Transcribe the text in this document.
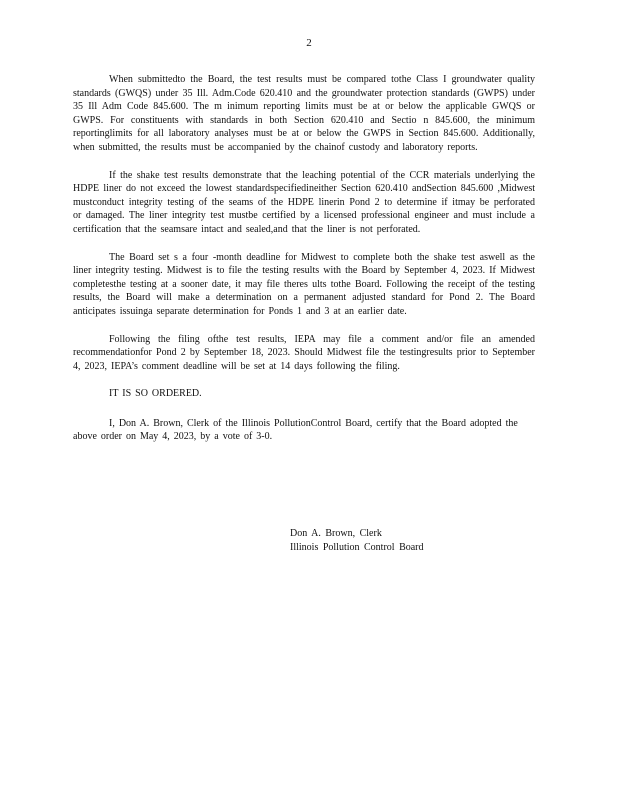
2

When submittedto the Board, the test results must be compared tothe Class I groundwater quality standards (GWQS) under 35 Ill. Adm.Code 620.410 and the groundwater protection standards (GWPS) under 35 Ill Adm Code 845.600. The m inimum reporting limits must be at or below the applicable GWQS or GWPS. For constituents with standards in both Section 620.410 and Sectio n 845.600, the minimum reportinglimits for all laboratory analyses must be at or below the GWPS in Section 845.600. Additionally, when submitted, the results must be accompanied by the chainof custody and laboratory reports.

If the shake test results demonstrate that the leaching potential of the CCR materials underlying the HDPE liner do not exceed the lowest standardspecifiedineither Section 620.410 andSection 845.600 ,Midwest mustconduct integrity testing of the seams of the HDPE linerin Pond 2 to determine if itmay be perforated or damaged. The liner integrity test mustbe certified by a licensed professional engineer and must include a certification that the seamsare intact and sealed,and that the liner is not perforated.

The Board set s a four -month deadline for Midwest to complete both the shake test aswell as the liner integrity testing. Midwest is to file the testing results with the Board by September 4, 2023. If Midwest completesthe testing at a sooner date, it may file theres ults tothe Board. Following the receipt of the testing results, the Board will make a determination on a permanent adjusted standard for Pond 2. The Board anticipates issuinga separate determination for Ponds 1 and 3 at an earlier date.

Following the filing ofthe test results, IEPA may file a comment and/or file an amended recommendationfor Pond 2 by September 18, 2023. Should Midwest file the testingresults prior to September 4, 2023, IEPA’s comment deadline will be set at 14 days following the filing.

IT IS SO ORDERED.

I, Don A. Brown, Clerk of the Illinois PollutionControl Board, certify that the Board adopted the above order on May 4, 2023, by a vote of 3-0.

Don A. Brown, Clerk
Illinois Pollution Control Board
